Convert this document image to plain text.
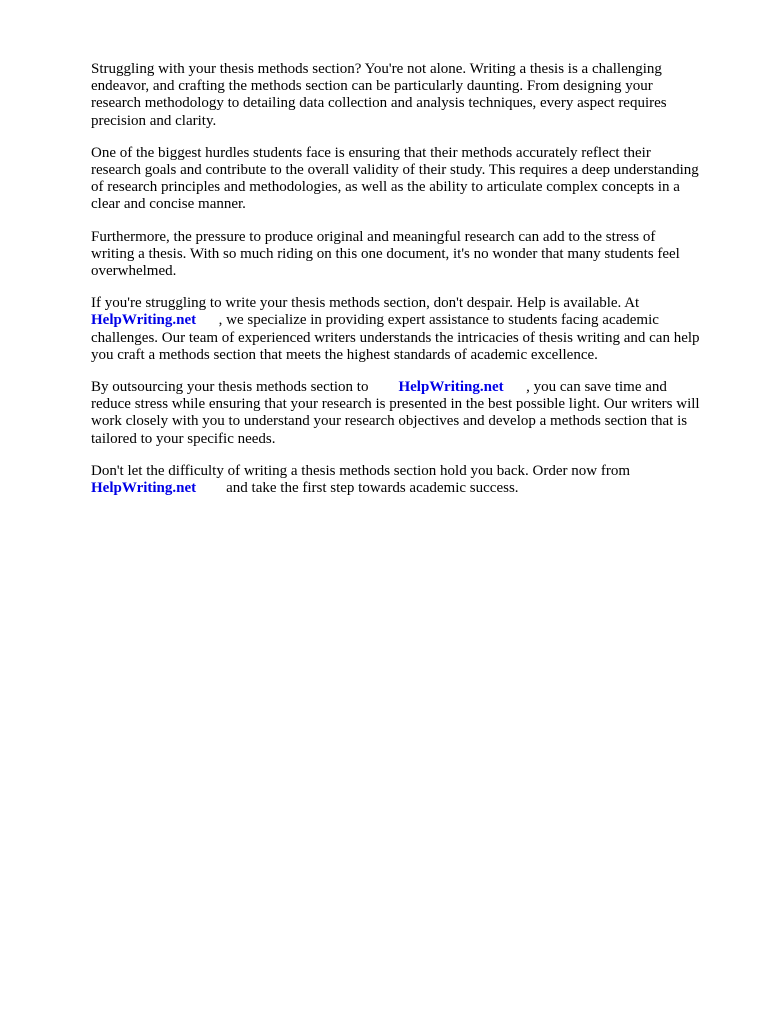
Struggling with your thesis methods section? You're not alone. Writing a thesis is a challenging
endeavor, and crafting the methods section can be particularly daunting. From designing your
research methodology to detailing data collection and analysis techniques, every aspect requires
precision and clarity.

One of the biggest hurdles students face is ensuring that their methods accurately reflect their
research goals and contribute to the overall validity of their study. This requires a deep understanding
of research principles and methodologies, as well as the ability to articulate complex concepts in a
clear and concise manner.

Furthermore, the pressure to produce original and meaningful research can add to the stress of
writing a thesis. With so much riding on this one document, it's no wonder that many students feel
overwhelmed.

If you're struggling to write your thesis methods section, don't despair. Help is available. At
HelpWriting.net , we specialize in providing expert assistance to students facing academic
challenges. Our team of experienced writers understands the intricacies of thesis writing and can help
you craft a methods section that meets the highest standards of academic excellence.

By outsourcing your thesis methods section to HelpWriting.net , you can save time and
reduce stress while ensuring that your research is presented in the best possible light. Our writers will
work closely with you to understand your research objectives and develop a methods section that is
tailored to your specific needs.

Don't let the difficulty of writing a thesis methods section hold you back. Order now from
HelpWriting.net and take the first step towards academic success.
